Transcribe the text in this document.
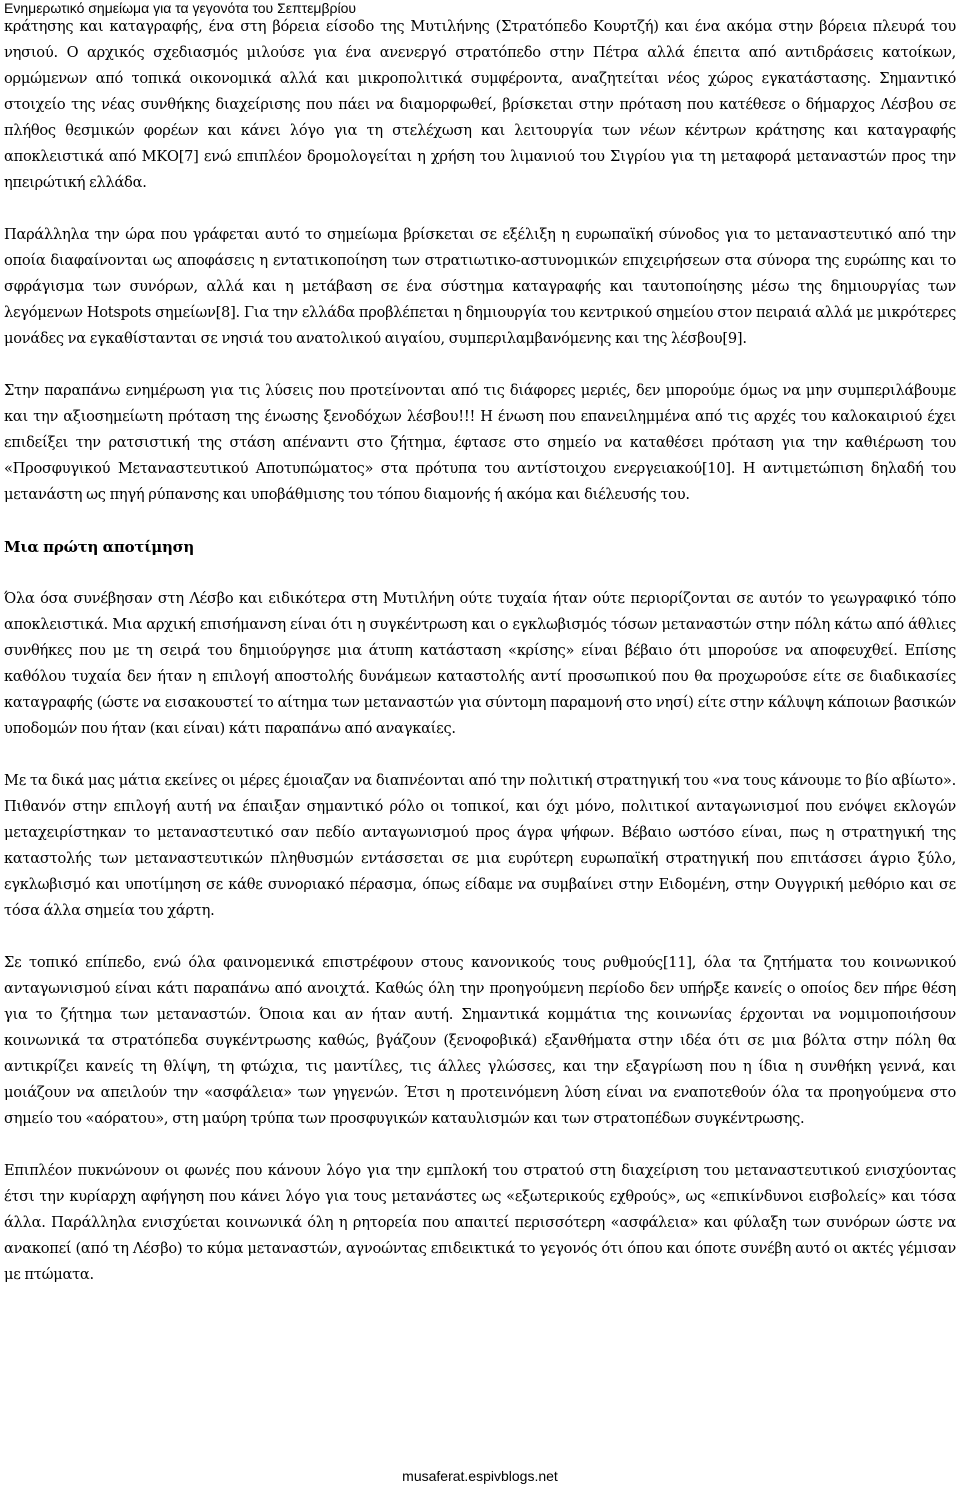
Ενημερωτικό σημείωμα για τα γεγονότα του Σεπτεμβρίου

κράτησης και καταγραφής, ένα στη βόρεια είσοδο της Μυτιλήνης (Στρατόπεδο Κουρτζή) και ένα ακόμα στην βόρεια πλευρά του νησιού. Ο αρχικός σχεδιασμός μιλούσε για ένα ανενεργό στρατόπεδο στην Πέτρα αλλά έπειτα από αντιδράσεις κατοίκων, ορμώμενων από τοπικά οικονομικά αλλά και μικροπολιτικά συμφέροντα, αναζητείται νέος χώρος εγκατάστασης. Σημαντικό στοιχείο της νέας συνθήκης διαχείρισης που πάει να διαμορφωθεί, βρίσκεται στην πρόταση που κατέθεσε ο δήμαρχος Λέσβου σε πλήθος θεσμικών φορέων και κάνει λόγο για τη στελέχωση και λειτουργία των νέων κέντρων κράτησης και καταγραφής αποκλειστικά από ΜΚΟ[7] ενώ επιπλέον δρομολογείται η χρήση του λιμανιού του Σιγρίου για τη μεταφορά μεταναστών προς την ηπειρώτική ελλάδα.

Παράλληλα την ώρα που γράφεται αυτό το σημείωμα βρίσκεται σε εξέλιξη η ευρωπαϊκή σύνοδος για το μεταναστευτικό από την οποία διαφαίνονται ως αποφάσεις η εντατικοποίηση των στρατιωτικο-αστυνομικών επιχειρήσεων στα σύνορα της ευρώπης και το σφράγισμα των συνόρων, αλλά και η μετάβαση σε ένα σύστημα καταγραφής και ταυτοποίησης μέσω της δημιουργίας των λεγόμενων Hotspots σημείων[8]. Για την ελλάδα προβλέπεται η δημιουργία του κεντρικού σημείου στον πειραιά αλλά με μικρότερες μονάδες να εγκαθίστανται σε νησιά του ανατολικού αιγαίου, συμπεριλαμβανόμενης και της λέσβου[9].

Στην παραπάνω ενημέρωση για τις λύσεις που προτείνονται από τις διάφορες μεριές, δεν μπορούμε όμως να μην συμπεριλάβουμε και την αξιοσημείωτη πρόταση της ένωσης ξενοδόχων λέσβου!!! Η ένωση που επανειλημμένα από τις αρχές του καλοκαιριού έχει επιδείξει την ρατσιστική της στάση απέναντι στο ζήτημα, έφτασε στο σημείο να καταθέσει πρόταση για την καθιέρωση του «Προσφυγικού Μεταναστευτικού Αποτυπώματος» στα πρότυπα του αντίστοιχου ενεργειακού[10]. Η αντιμετώπιση δηλαδή του μετανάστη ως πηγή ρύπανσης και υποβάθμισης του τόπου διαμονής ή ακόμα και διέλευσής του.

Μια πρώτη αποτίμηση

Όλα όσα συνέβησαν στη Λέσβο και ειδικότερα στη Μυτιλήνη ούτε τυχαία ήταν ούτε περιορίζονται σε αυτόν το γεωγραφικό τόπο αποκλειστικά. Μια αρχική επισήμανση είναι ότι η συγκέντρωση και ο εγκλωβισμός τόσων μεταναστών στην πόλη κάτω από άθλιες συνθήκες που με τη σειρά του δημιούργησε μια άτυπη κατάσταση «κρίσης» είναι βέβαιο ότι μπορούσε να αποφευχθεί. Επίσης καθόλου τυχαία δεν ήταν η επιλογή αποστολής δυνάμεων καταστολής αντί προσωπικού που θα προχωρούσε είτε σε διαδικασίες καταγραφής (ώστε να εισακουστεί το αίτημα των μεταναστών για σύντομη παραμονή στο νησί) είτε στην κάλυψη κάποιων βασικών υποδομών που ήταν (και είναι) κάτι παραπάνω από αναγκαίες.

Με τα δικά μας μάτια εκείνες οι μέρες έμοιαζαν να διαπνέονται από την πολιτική στρατηγική του «να τους κάνουμε το βίο αβίωτο». Πιθανόν στην επιλογή αυτή να έπαιξαν σημαντικό ρόλο οι τοπικοί, και όχι μόνο, πολιτικοί ανταγωνισμοί που ενόψει εκλογών μεταχειρίστηκαν το μεταναστευτικό σαν πεδίο ανταγωνισμού προς άγρα ψήφων. Βέβαιο ωστόσο είναι, πως η στρατηγική της καταστολής των μεταναστευτικών πληθυσμών εντάσσεται σε μια ευρύτερη ευρωπαϊκή στρατηγική που επιτάσσει άγριο ξύλο, εγκλωβισμό και υποτίμηση σε κάθε συνοριακό πέρασμα, όπως είδαμε να συμβαίνει στην Ειδομένη, στην Ουγγρική μεθόριο και σε τόσα άλλα σημεία του χάρτη.

Σε τοπικό επίπεδο, ενώ όλα φαινομενικά επιστρέφουν στους κανονικούς τους ρυθμούς[11], όλα τα ζητήματα του κοινωνικού ανταγωνισμού είναι κάτι παραπάνω από ανοιχτά. Καθώς όλη την προηγούμενη περίοδο δεν υπήρξε κανείς ο οποίος δεν πήρε θέση για το ζήτημα των μεταναστών. Όποια και αν ήταν αυτή. Σημαντικά κομμάτια της κοινωνίας έρχονται να νομιμοποιήσουν κοινωνικά τα στρατόπεδα συγκέντρωσης καθώς, βγάζουν (ξενοφοβικά) εξανθήματα στην ιδέα ότι σε μια βόλτα στην πόλη θα αντικρίζει κανείς τη θλίψη, τη φτώχια, τις μαντίλες, τις άλλες γλώσσες, και την εξαγρίωση που η ίδια η συνθήκη γεννά, και μοιάζουν να απειλούν την «ασφάλεια» των γηγενών. Έτσι η προτεινόμενη λύση είναι να εναποτεθούν όλα τα προηγούμενα στο σημείο του «αόρατου», στη μαύρη τρύπα των προσφυγικών καταυλισμών και των στρατοπέδων συγκέντρωσης.

Επιπλέον πυκνώνουν οι φωνές που κάνουν λόγο για την εμπλοκή του στρατού στη διαχείριση του μεταναστευτικού ενισχύοντας έτσι την κυρίαρχη αφήγηση που κάνει λόγο για τους μετανάστες ως «εξωτερικούς εχθρούς», ως «επικίνδυνοι εισβολείς» και τόσα άλλα. Παράλληλα ενισχύεται κοινωνικά όλη η ρητορεία που απαιτεί περισσότερη «ασφάλεια» και φύλαξη των συνόρων ώστε να ανακοπεί (από τη Λέσβο) το κύμα μεταναστών, αγνοώντας επιδεικτικά το γεγονός ότι όπου και όποτε συνέβη αυτό οι ακτές γέμισαν με πτώματα.

musaferat.espivblogs.net
